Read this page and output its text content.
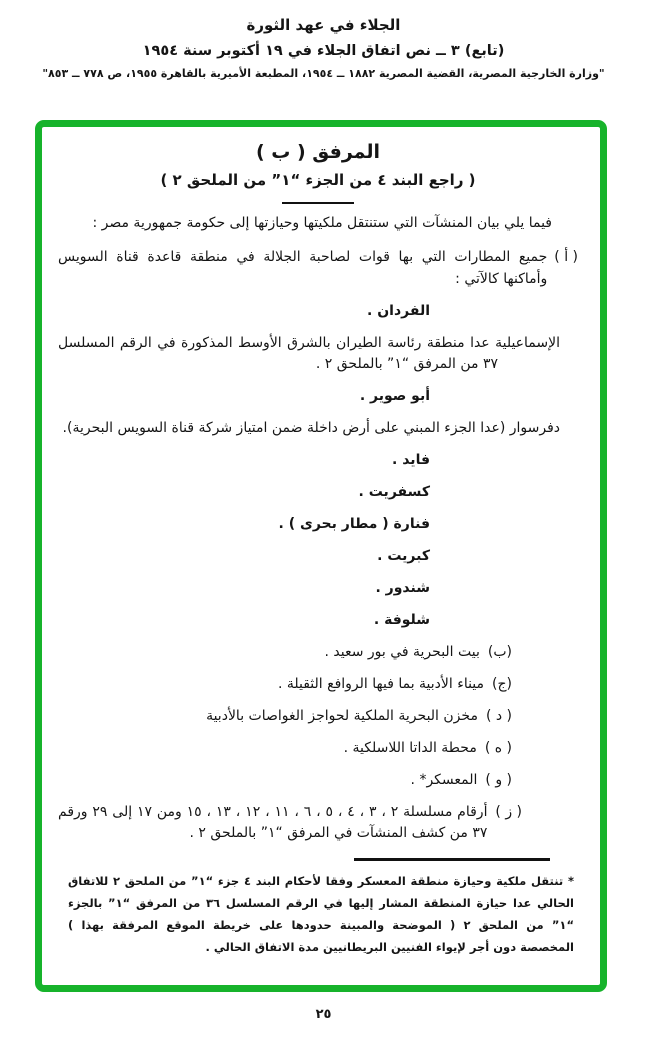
الجلاء في عهد الثورة
(تابع) ٣ ــ نص اتفاق الجلاء في ١٩ أكتوبر سنة ١٩٥٤
"وزارة الخارجية المصرية، القضية المصرية ١٨٨٢ ــ ١٩٥٤، المطبعة الأميرية بالقاهرة ١٩٥٥، ص ٧٧٨ ــ ٨٥٣"
المرفق ( ب )
( راجع البند ٤ من الجزء “١” من الملحق ٢ )

فيما يلي بيان المنشآت التي ستنتقل ملكيتها وحيازتها إلى حكومة جمهورية مصر :

( أ )
جميع المطارات التي بها قوات لصاحبة الجلالة في منطقة قاعدة قناة السويس وأماكنها كالآتي :
الفردان .
الإسماعيلية عدا منطقة رئاسة الطيران بالشرق الأوسط المذكورة في الرقم المسلسل ٣٧ من المرفق “١” بالملحق ٢ .
أبو صوير .
دفرسوار (عدا الجزء المبني على أرض داخلة ضمن امتياز شركة قناة السويس البحرية).
فايد .
كسفريت .
فنارة ( مطار بحرى ) .
كبريت .
شندور .
شلوفة .
(ب)
بيت البحرية في بور سعيد .
(ج)
ميناء الأدبية بما فيها الروافع الثقيلة .
( د )
مخزن البحرية الملكية لحواجز الغواصات بالأدبية
( ه )
محطة الداتا اللاسلكية .
( و )
المعسكر* .
( ز )
أرقام مسلسلة ٢ ، ٣ ، ٤ ، ٥ ، ٦ ، ١١ ، ١٢ ، ١٣ ، ١٥ ومن ١٧ إلى ٢٩ ورقم ٣٧ من كشف المنشآت في المرفق “١” بالملحق ٢ .

* تنتقل ملكية وحيازة منطقة المعسكر وفقا لأحكام البند ٤ جزء “١” من الملحق ٢ للاتفاق الحالي عدا حيازة المنطقة المشار إليها في الرقم المسلسل ٣٦ من المرفق “١” بالجزء “١” من الملحق ٢ ( الموضحة والمبينة حدودها على خريطة الموقع المرفقة بهذا ) المخصصة دون أجر لإيواء الفنيين البريطانيين مدة الاتفاق الحالي .

٢٥
